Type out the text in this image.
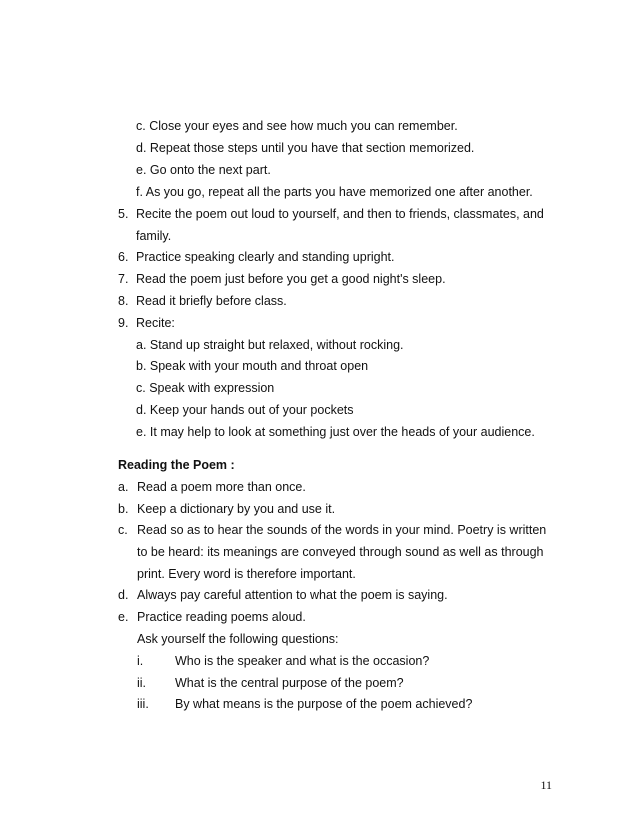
c. Close your eyes and see how much you can remember.
d. Repeat those steps until you have that section memorized.
e. Go onto the next part.
f. As you go, repeat all the parts you have memorized one after another.
5. Recite the poem out loud to yourself, and then to friends, classmates, and
family.
6. Practice speaking clearly and standing upright.
7. Read the poem just before you get a good night's sleep.
8. Read it briefly before class.
9. Recite:
a. Stand up straight but relaxed, without rocking.
b. Speak with your mouth and throat open
c. Speak with expression
d. Keep your hands out of your pockets
e. It may help to look at something just over the heads of your audience.
Reading the Poem :
a. Read a poem more than once.
b. Keep a dictionary by you and use it.
c. Read so as to hear the sounds of the words in your mind. Poetry is written
to be heard: its meanings are conveyed through sound as well as through
print. Every word is therefore important.
d. Always pay careful attention to what the poem is saying.
e. Practice reading poems aloud.
Ask yourself the following questions:
i.	Who is the speaker and what is the occasion?
ii. What is the central purpose of the poem?
iii. By what means is the purpose of the poem achieved?
11
